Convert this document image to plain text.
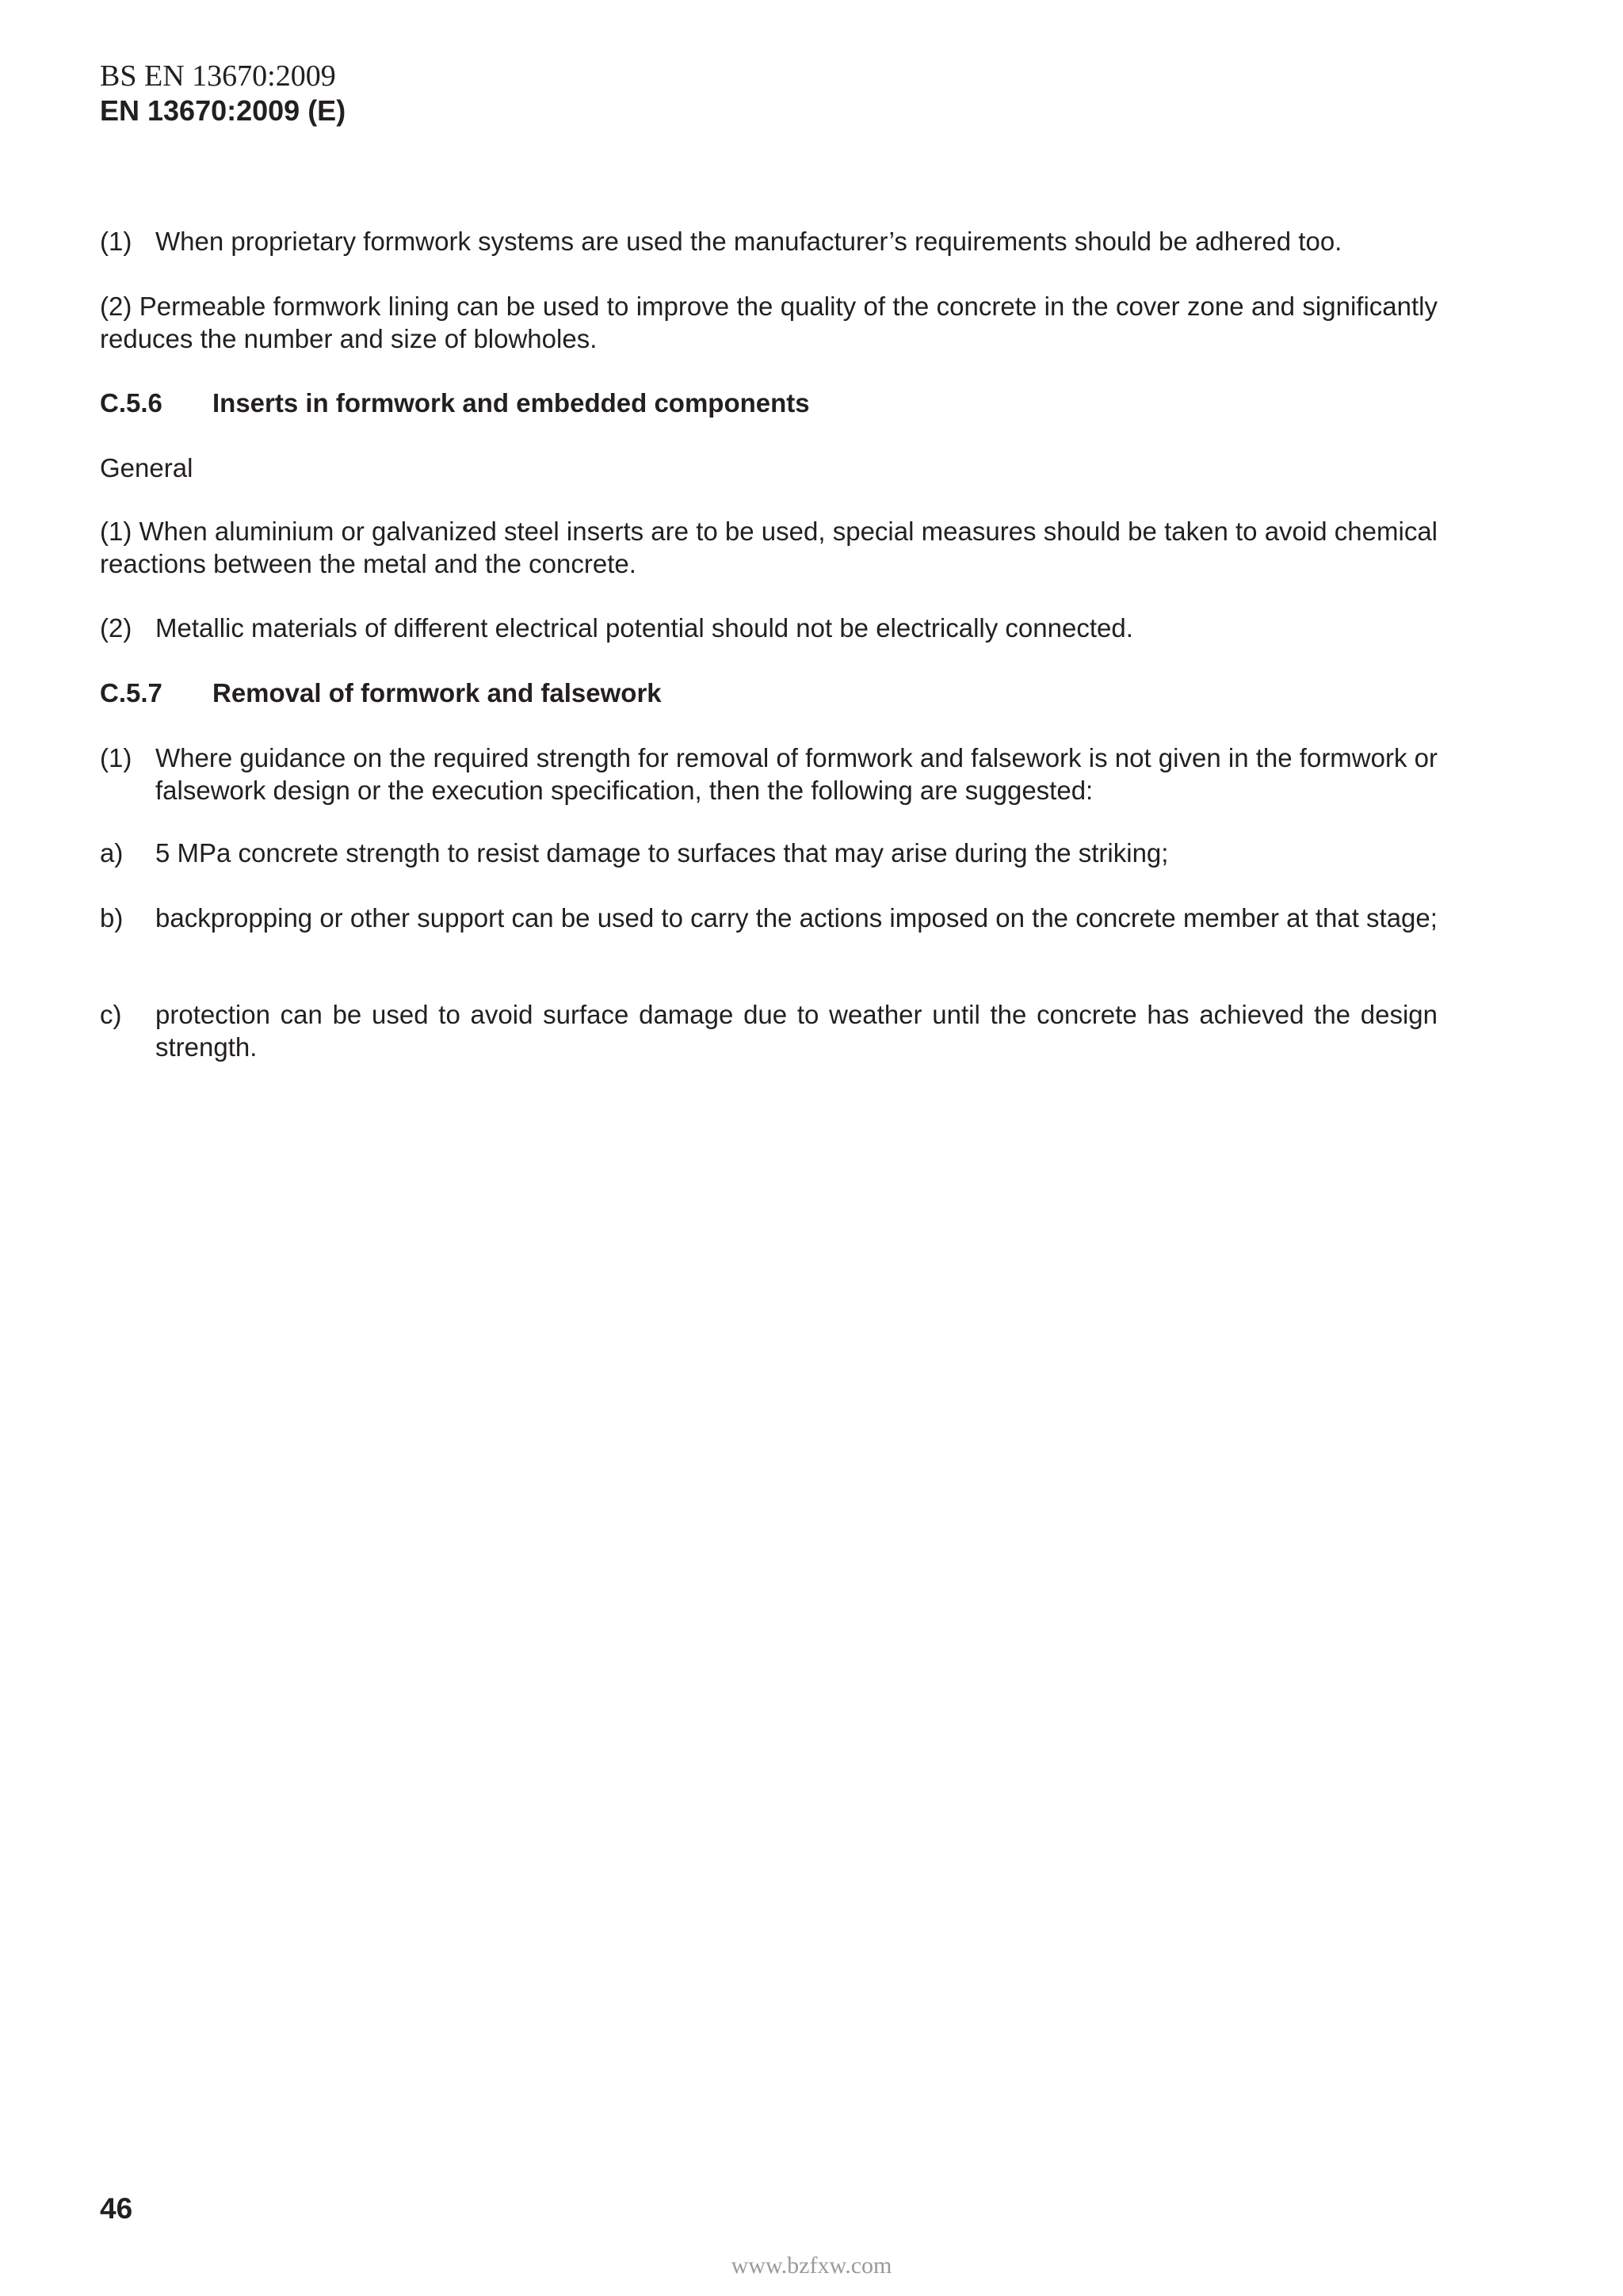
BS EN 13670:2009
EN 13670:2009 (E)
(1) When proprietary formwork systems are used the manufacturer’s requirements should be adhered too.

(2) Permeable formwork lining can be used to improve the quality of the concrete in the cover zone and significantly reduces the number and size of blowholes.

C.5.6 Inserts in formwork and embedded components
General

(1) When aluminium or galvanized steel inserts are to be used, special measures should be taken to avoid chemical reactions between the metal and the concrete.

(2) Metallic materials of different electrical potential should not be electrically connected.
C.5.7 Removal of formwork and falsework
(1) Where guidance on the required strength for removal of formwork and falsework is not given in the formwork or falsework design or the execution specification, then the following are suggested:
a)	5 MPa concrete strength to resist damage to surfaces that may arise during the striking;
b)	backpropping or other support can be used to carry the actions imposed on the concrete member at that stage;
c)	protection can be used to avoid surface damage due to weather until the concrete has achieved the design strength.
46
www.bzfxw.com
